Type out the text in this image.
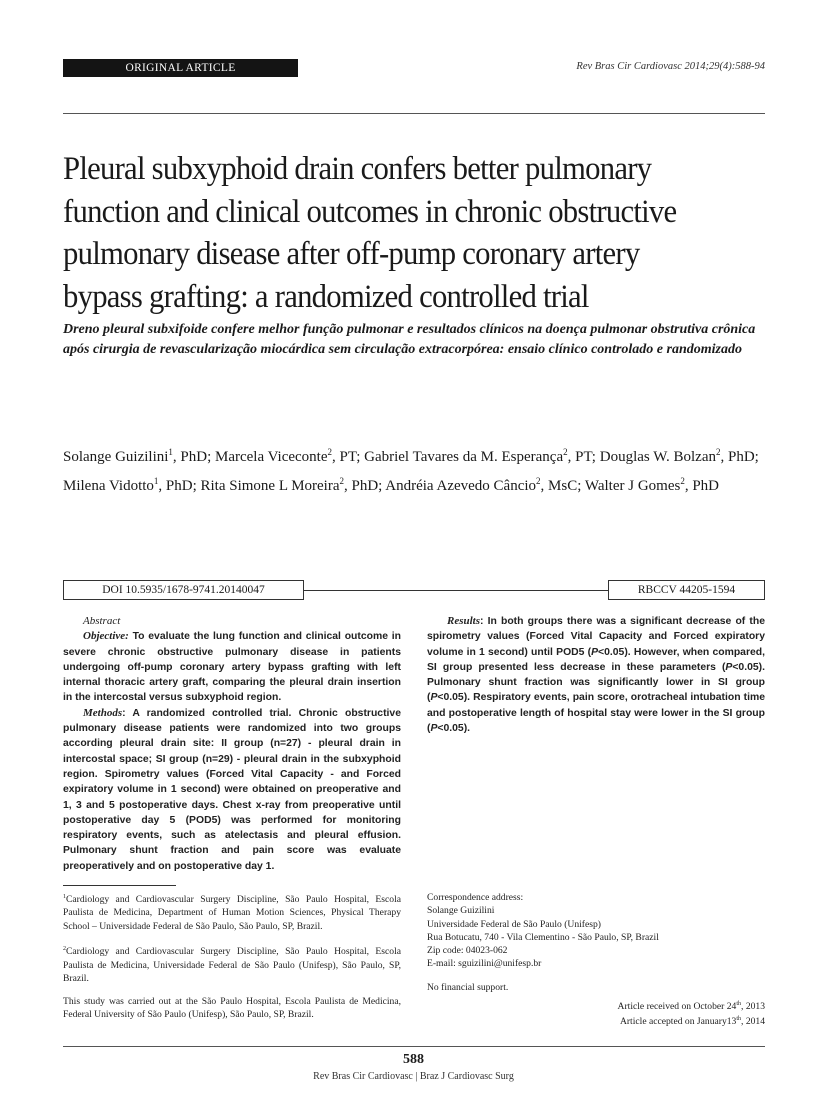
ORIGINAL ARTICLE	Rev Bras Cir Cardiovasc 2014;29(4):588-94
Pleural subxyphoid drain confers better pulmonary function and clinical outcomes in chronic obstructive pulmonary disease after off-pump coronary artery bypass grafting: a randomized controlled trial

Dreno pleural subxifoide confere melhor função pulmonar e resultados clínicos na doença pulmonar obstrutiva crônica após cirurgia de revascularização miocárdica sem circulação extracorpórea: ensaio clínico controlado e randomizado

Solange Guizilini$^1$, PhD; Marcela Viceconte$^2$, PT; Gabriel Tavares da M. Esperança$^2$, PT; Douglas W. Bolzan$^2$, PhD; Milena Vidotto$^1$, PhD; Rita Simone L Moreira$^2$, PhD; Andréia Azevedo Câncio$^2$, MsC; Walter J Gomes$^2$, PhD

DOI 10.5935/1678-9741.20140047	RBCCV 44205-1594

Abstract

Objective: To evaluate the lung function and clinical outcome in severe chronic obstructive pulmonary disease in patients undergoing off-pump coronary artery bypass grafting with left internal thoracic artery graft, comparing the pleural drain insertion in the intercostal versus subxyphoid region.

Methods: A randomized controlled trial. Chronic obstructive pulmonary disease patients were randomized into two groups according pleural drain site: II group (n=27) - pleural drain in intercostal space; SI group (n=29) - pleural drain in the subxyphoid region. Spirometry values (Forced Vital Capacity - and Forced expiratory volume in 1 second) were obtained on preoperative and 1, 3 and 5 postoperative days. Chest x-ray from preoperative until postoperative day 5 (POD5) was performed for monitoring respiratory events, such as atelectasis and pleural effusion. Pulmonary shunt fraction and pain score was evaluate preoperatively and on postoperative day 1.

Results: In both groups there was a significant decrease of the spirometry values (Forced Vital Capacity and Forced expiratory volume in 1 second) until POD5 (P<0.05). However, when compared, SI group presented less decrease in these parameters (P<0.05). Pulmonary shunt fraction was significantly lower in SI group (P<0.05). Respiratory events, pain score, orotracheal intubation time and postoperative length of hospital stay were lower in the SI group (P<0.05).

$^1$Cardiology and Cardiovascular Surgery Discipline, São Paulo Hospital, Escola Paulista de Medicina, Department of Human Motion Sciences, Physical Therapy School – Universidade Federal de São Paulo, São Paulo, SP, Brazil.

$^2$Cardiology and Cardiovascular Surgery Discipline, São Paulo Hospital, Escola Paulista de Medicina, Universidade Federal de São Paulo (Unifesp), São Paulo, SP, Brazil.

This study was carried out at the São Paulo Hospital, Escola Paulista de Medicina, Federal University of São Paulo (Unifesp), São Paulo, SP, Brazil.

Correspondence address:

Solange Guizilini

Universidade Federal de São Paulo (Unifesp)

Rua Botucatu, 740 - Vila Clementino - São Paulo, SP, Brazil

Zip code: 04023-062

E-mail: sguizilini@unifesp.br

No financial support.

Article received on October 24th, 2013
Article accepted on January13th, 2014
588
Rev Bras Cir Cardiovasc | Braz J Cardiovasc Surg
